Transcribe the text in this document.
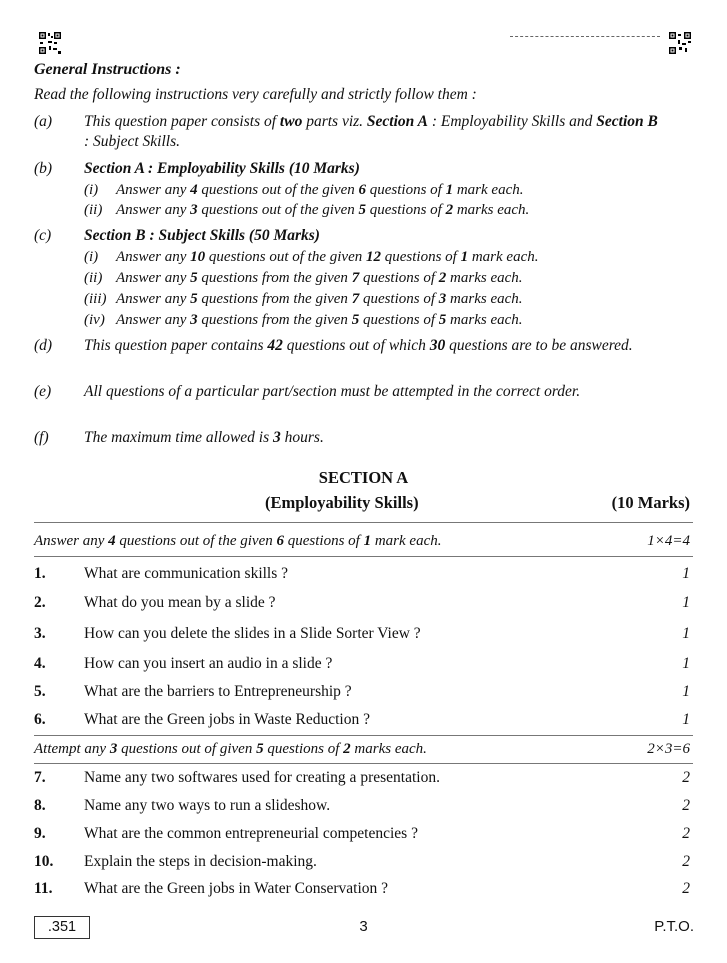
General Instructions :
Read the following instructions very carefully and strictly follow them :
(a) This question paper consists of two parts viz. Section A : Employability Skills and Section B : Subject Skills.
(b) Section A : Employability Skills (10 Marks)
(i) Answer any 4 questions out of the given 6 questions of 1 mark each.
(ii) Answer any 3 questions out of the given 5 questions of 2 marks each.
(c) Section B : Subject Skills (50 Marks)
(i) Answer any 10 questions out of the given 12 questions of 1 mark each.
(ii) Answer any 5 questions from the given 7 questions of 2 marks each.
(iii) Answer any 5 questions from the given 7 questions of 3 marks each.
(iv) Answer any 3 questions from the given 5 questions of 5 marks each.
(d) This question paper contains 42 questions out of which 30 questions are to be answered.
(e) All questions of a particular part/section must be attempted in the correct order.
(f) The maximum time allowed is 3 hours.
SECTION A
(Employability Skills)	(10 Marks)
Answer any 4 questions out of the given 6 questions of 1 mark each.	1×4=4
1. What are communication skills ?	1
2. What do you mean by a slide ?	1
3. How can you delete the slides in a Slide Sorter View ?	1
4. How can you insert an audio in a slide ?	1
5. What are the barriers to Entrepreneurship ?	1
6. What are the Green jobs in Waste Reduction ?	1
Attempt any 3 questions out of given 5 questions of 2 marks each.	2×3=6
7. Name any two softwares used for creating a presentation.	2
8. Name any two ways to run a slideshow.	2
9. What are the common entrepreneurial competencies ?	2
10. Explain the steps in decision-making.	2
11. What are the Green jobs in Water Conservation ?	2
.351	3	P.T.O.
